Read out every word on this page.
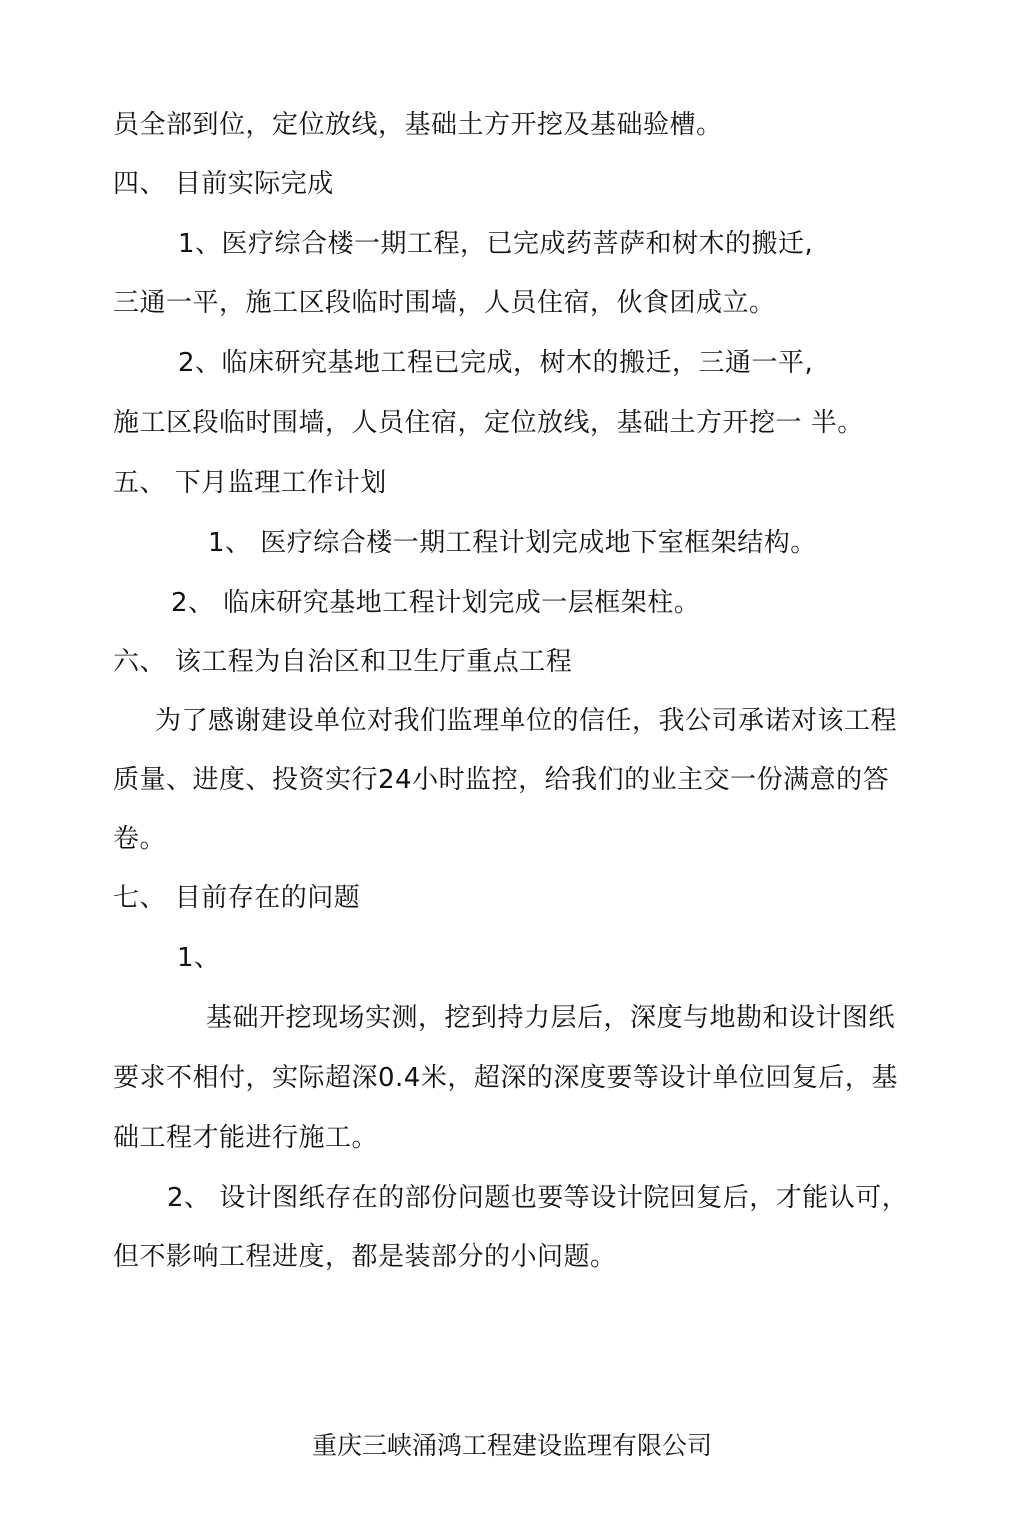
员全部到位，定位放线，基础土方开挖及基础验槽。
四、 目前实际完成
1、医疗综合楼一期工程，已完成药菩萨和树木的搬迁,
三通一平，施工区段临时围墙，人员住宿，伙食团成立。
2、临床研究基地工程已完成，树木的搬迁，三通一平,
施工区段临时围墙，人员住宿，定位放线，基础土方开挖一 半。
五、 下月监理工作计划
1、 医疗综合楼一期工程计划完成地下室框架结构。
2、 临床研究基地工程计划完成一层框架柱。
六、 该工程为自治区和卫生厅重点工程
为了感谢建设单位对我们监理单位的信任，我公司承诺对该工程
质量、进度、投资实行24小时监控，给我们的业主交一份满意的答
卷。
七、 目前存在的问题
1、
基础开挖现场实测，挖到持力层后，深度与地勘和设计图纸
要求不相付，实际超深0.4米，超深的深度要等设计单位回复后，基
础工程才能进行施工。
2、 设计图纸存在的部份问题也要等设计院回复后，才能认可，
但不影响工程进度，都是装部分的小问题。
重庆三峡涌鸿工程建设监理有限公司
